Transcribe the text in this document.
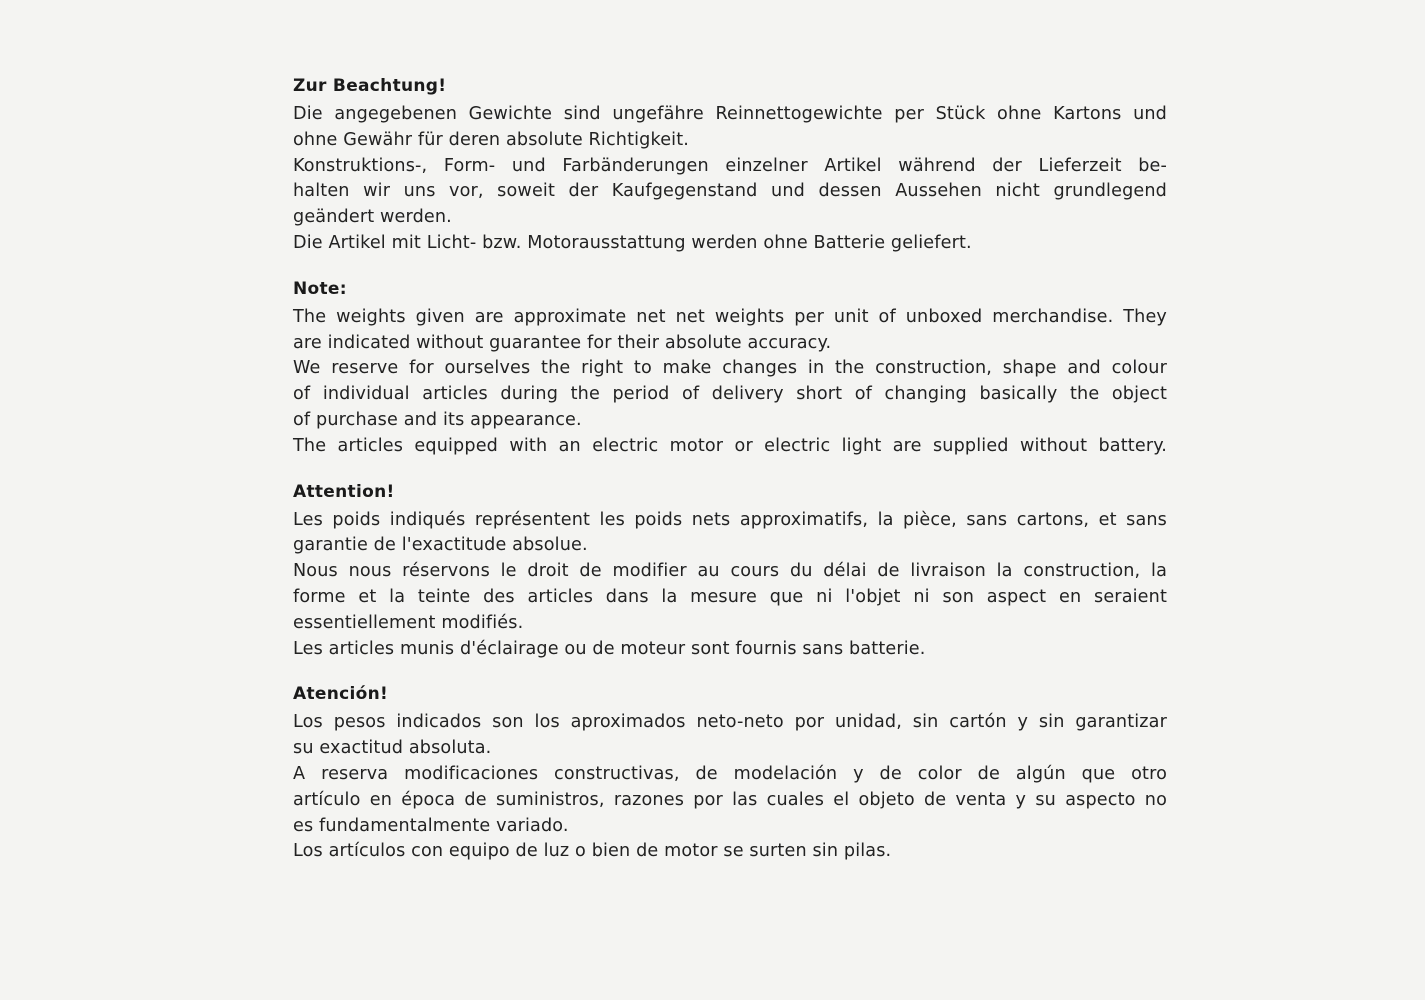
Zur Beachtung!
Die angegebenen Gewichte sind ungefähre Reinnettogewichte per Stück ohne Kartons und
ohne Gewähr für deren absolute Richtigkeit.
Konstruktions-, Form- und Farbänderungen einzelner Artikel während der Lieferzeit be-
halten wir uns vor, soweit der Kaufgegenstand und dessen Aussehen nicht grundlegend
geändert werden.
Die Artikel mit Licht- bzw. Motorausstattung werden ohne Batterie geliefert.
Note:
The weights given are approximate net net weights per unit of unboxed merchandise. They
are indicated without guarantee for their absolute accuracy.
We reserve for ourselves the right to make changes in the construction, shape and colour
of individual articles during the period of delivery short of changing basically the object
of purchase and its appearance.
The articles equipped with an electric motor or electric light are supplied without battery.
Attention!
Les poids indiqués représentent les poids nets approximatifs, la pièce, sans cartons, et sans
garantie de l'exactitude absolue.
Nous nous réservons le droit de modifier au cours du délai de livraison la construction, la
forme et la teinte des articles dans la mesure que ni l'objet ni son aspect en seraient
essentiellement modifiés.
Les articles munis d'éclairage ou de moteur sont fournis sans batterie.
Atención!
Los pesos indicados son los aproximados neto-neto por unidad, sin cartón y sin garantizar
su exactitud absoluta.
A reserva modificaciones constructivas, de modelación y de color de algún que otro
artículo en época de suministros, razones por las cuales el objeto de venta y su aspecto no
es fundamentalmente variado.
Los artículos con equipo de luz o bien de motor se surten sin pilas.
